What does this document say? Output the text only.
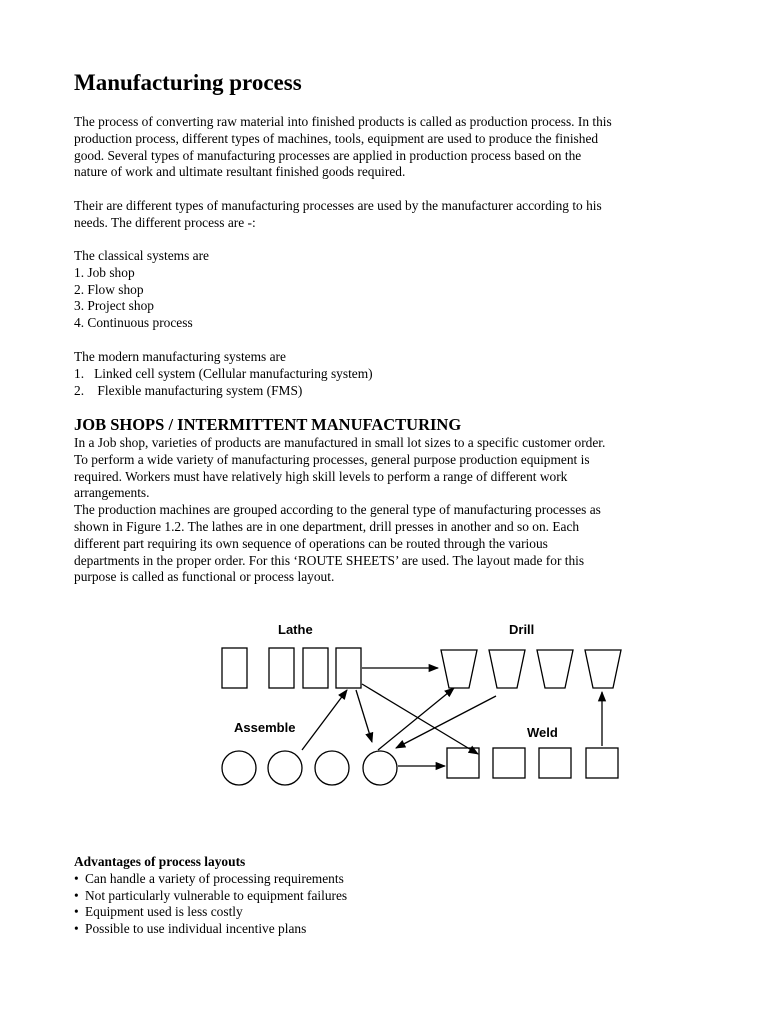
Manufacturing process
The process of converting raw material into finished products is called as production process. In this
production process, different types of machines, tools, equipment are used to produce the finished
good. Several types of manufacturing processes are applied in production process based on the
nature of work and ultimate resultant finished goods required.
Their are different types of manufacturing processes are used by the manufacturer according to his
needs. The different process are -:
The classical systems are
1. Job shop
2. Flow shop
3. Project shop
4. Continuous process
The modern manufacturing systems are
1.   Linked cell system (Cellular manufacturing system)
2.    Flexible manufacturing system (FMS)
JOB SHOPS / INTERMITTENT MANUFACTURING
In a Job shop, varieties of products are manufactured in small lot sizes to a specific customer order.
To perform a wide variety of manufacturing processes, general purpose production equipment is
required. Workers must have relatively high skill levels to perform a range of different work
arrangements.
The production machines are grouped according to the general type of manufacturing processes as
shown in Figure 1.2. The lathes are in one department, drill presses in another and so on. Each
different part requiring its own sequence of operations can be routed through the various
departments in the proper order. For this ‘ROUTE SHEETS’ are used. The layout made for this
purpose is called as functional or process layout.
Lathe	Drill
Assemble	Weld
Advantages of process layouts
• Can handle a variety of processing requirements
• Not particularly vulnerable to equipment failures
• Equipment used is less costly
• Possible to use individual incentive plans
